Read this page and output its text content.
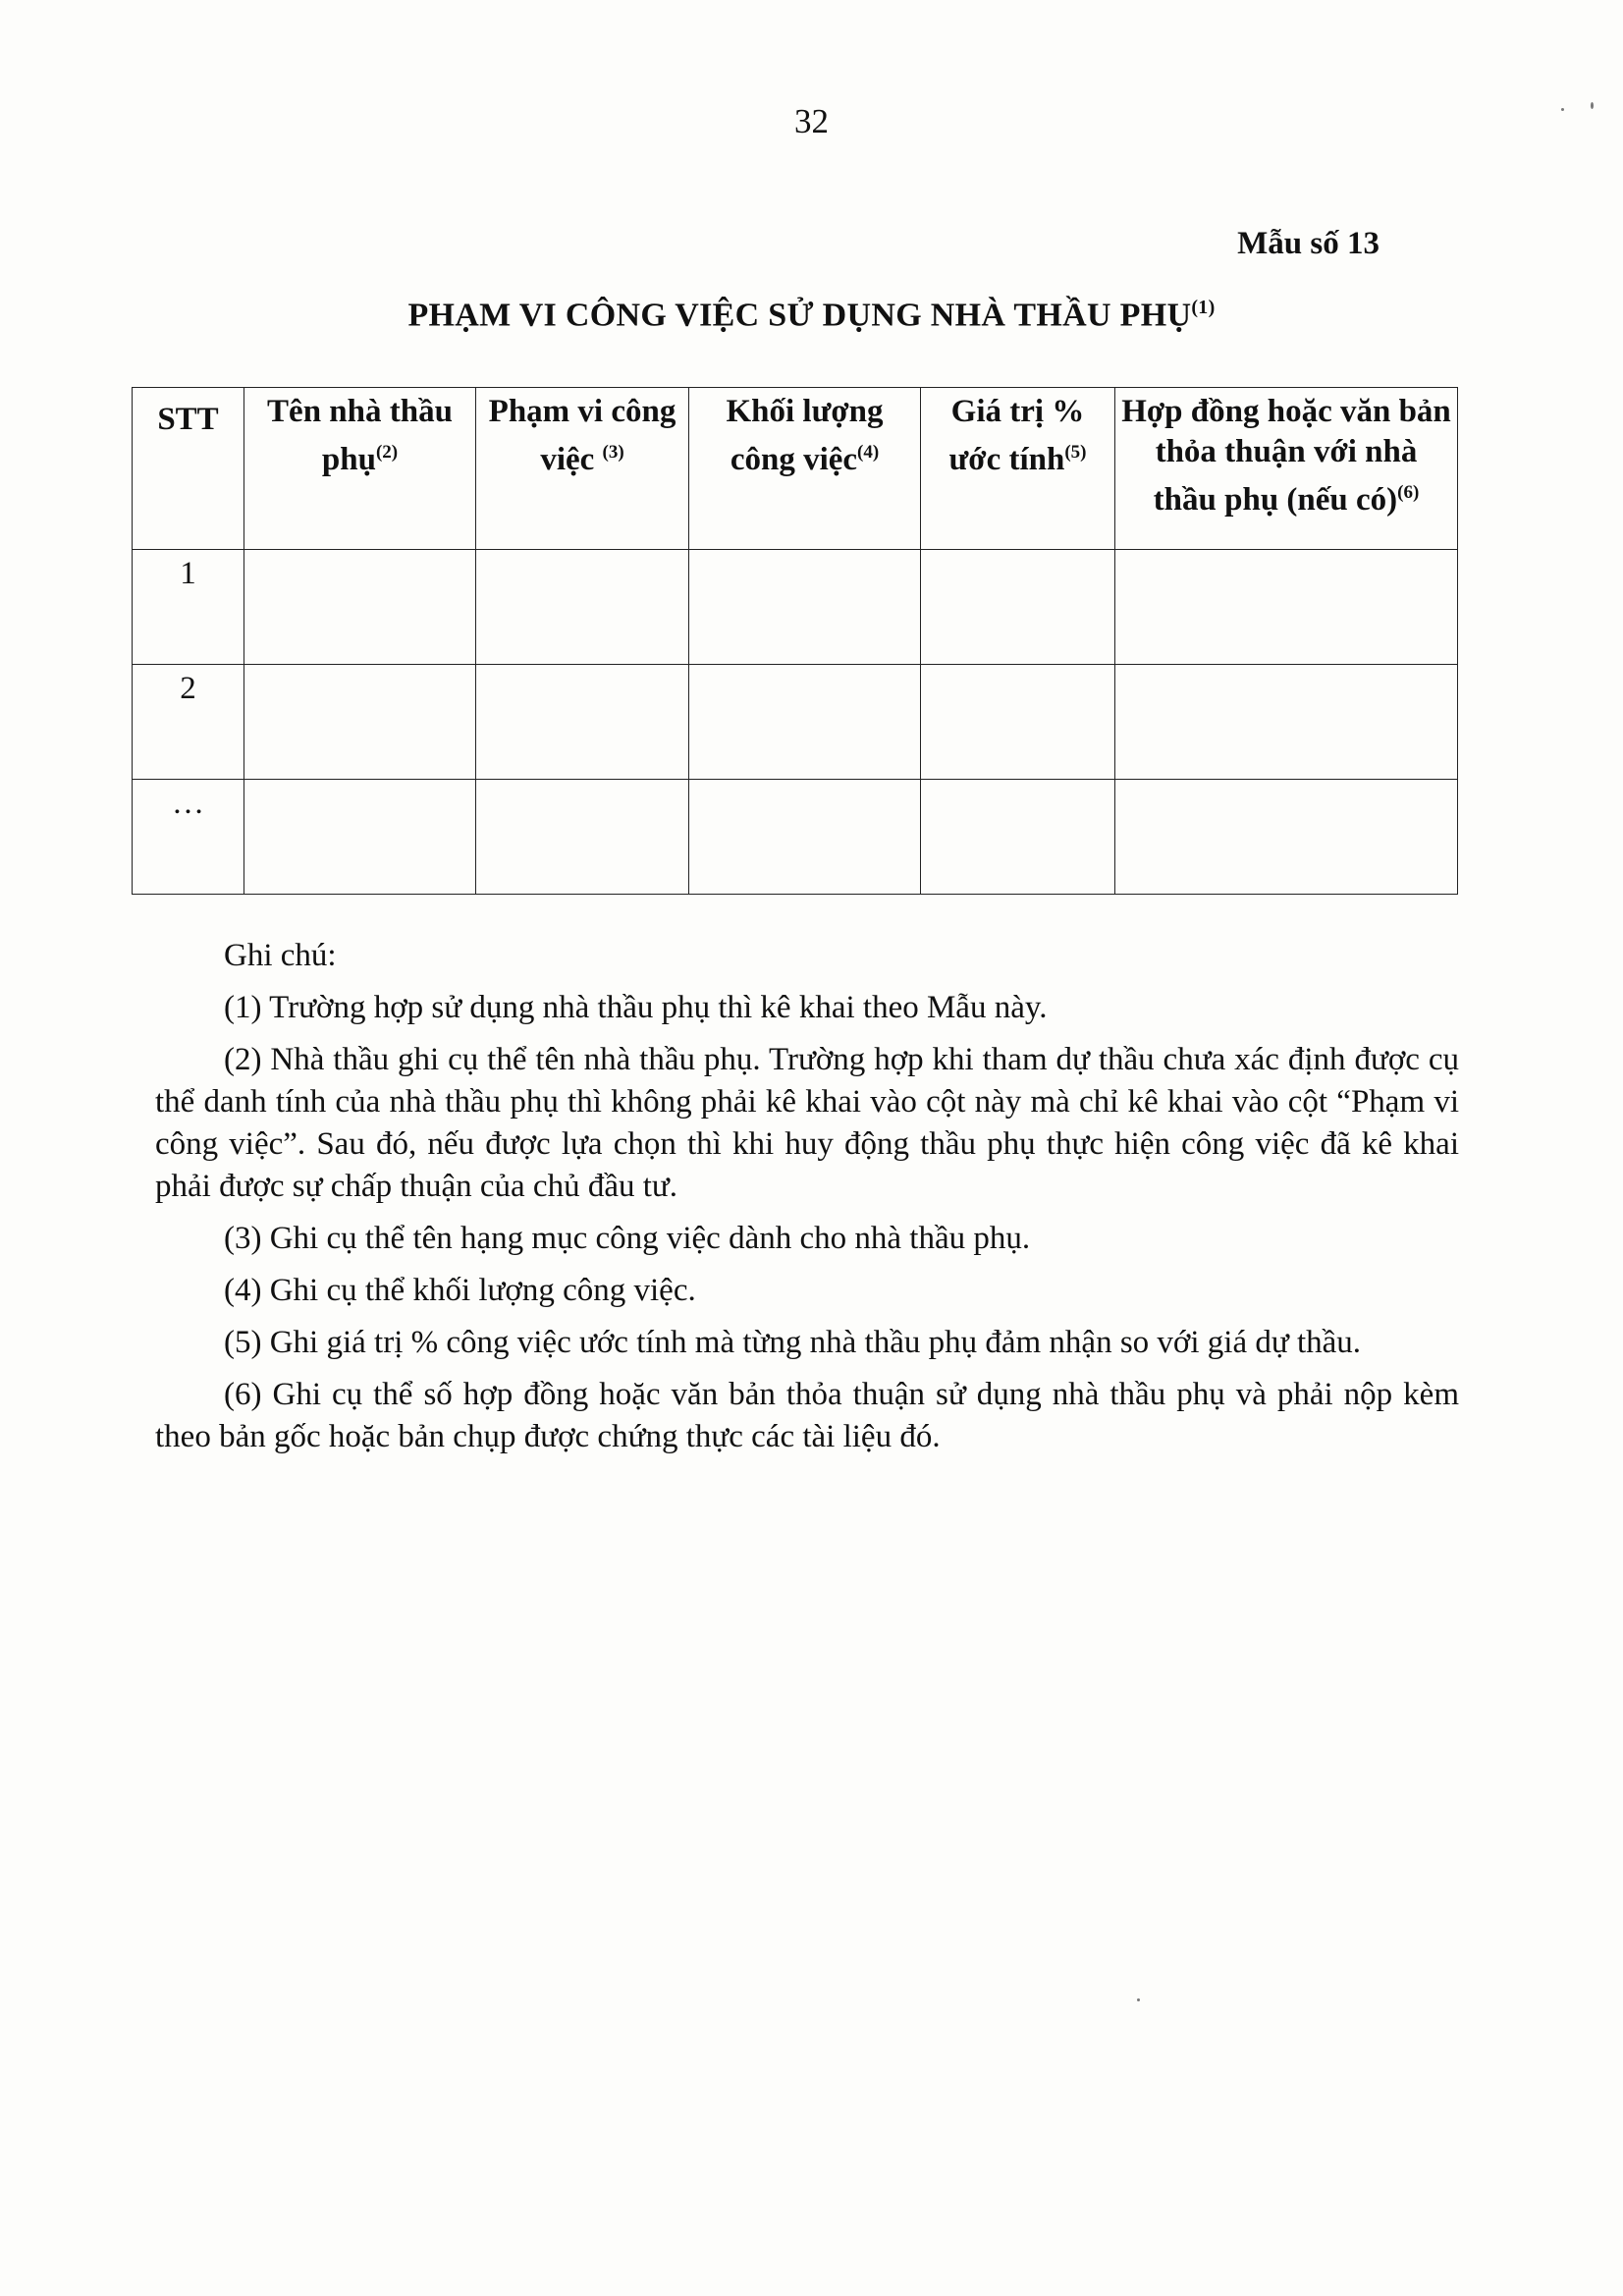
32
Mẫu số 13
PHẠM VI CÔNG VIỆC SỬ DỤNG NHÀ THẦU PHỤ$^{(1)}$
STT	Tên nhà thầu phụ$^{(2)}$	Phạm vi công việc $^{(3)}$	Khối lượng công việc$^{(4)}$	Giá trị % ước tính$^{(5)}$	Hợp đồng hoặc văn bản thỏa thuận với nhà thầu phụ (nếu có)$^{(6)}$
1					
2					
…					
Ghi chú:

(1) Trường hợp sử dụng nhà thầu phụ thì kê khai theo Mẫu này.

(2) Nhà thầu ghi cụ thể tên nhà thầu phụ. Trường hợp khi tham dự thầu chưa xác định được cụ thể danh tính của nhà thầu phụ thì không phải kê khai vào cột này mà chỉ kê khai vào cột “Phạm vi công việc”. Sau đó, nếu được lựa chọn thì khi huy động thầu phụ thực hiện công việc đã kê khai phải được sự chấp thuận của chủ đầu tư.

(3) Ghi cụ thể tên hạng mục công việc dành cho nhà thầu phụ.

(4) Ghi cụ thể khối lượng công việc.

(5) Ghi giá trị % công việc ước tính mà từng nhà thầu phụ đảm nhận so với giá dự thầu.

(6) Ghi cụ thể số hợp đồng hoặc văn bản thỏa thuận sử dụng nhà thầu phụ và phải nộp kèm theo bản gốc hoặc bản chụp được chứng thực các tài liệu đó.
